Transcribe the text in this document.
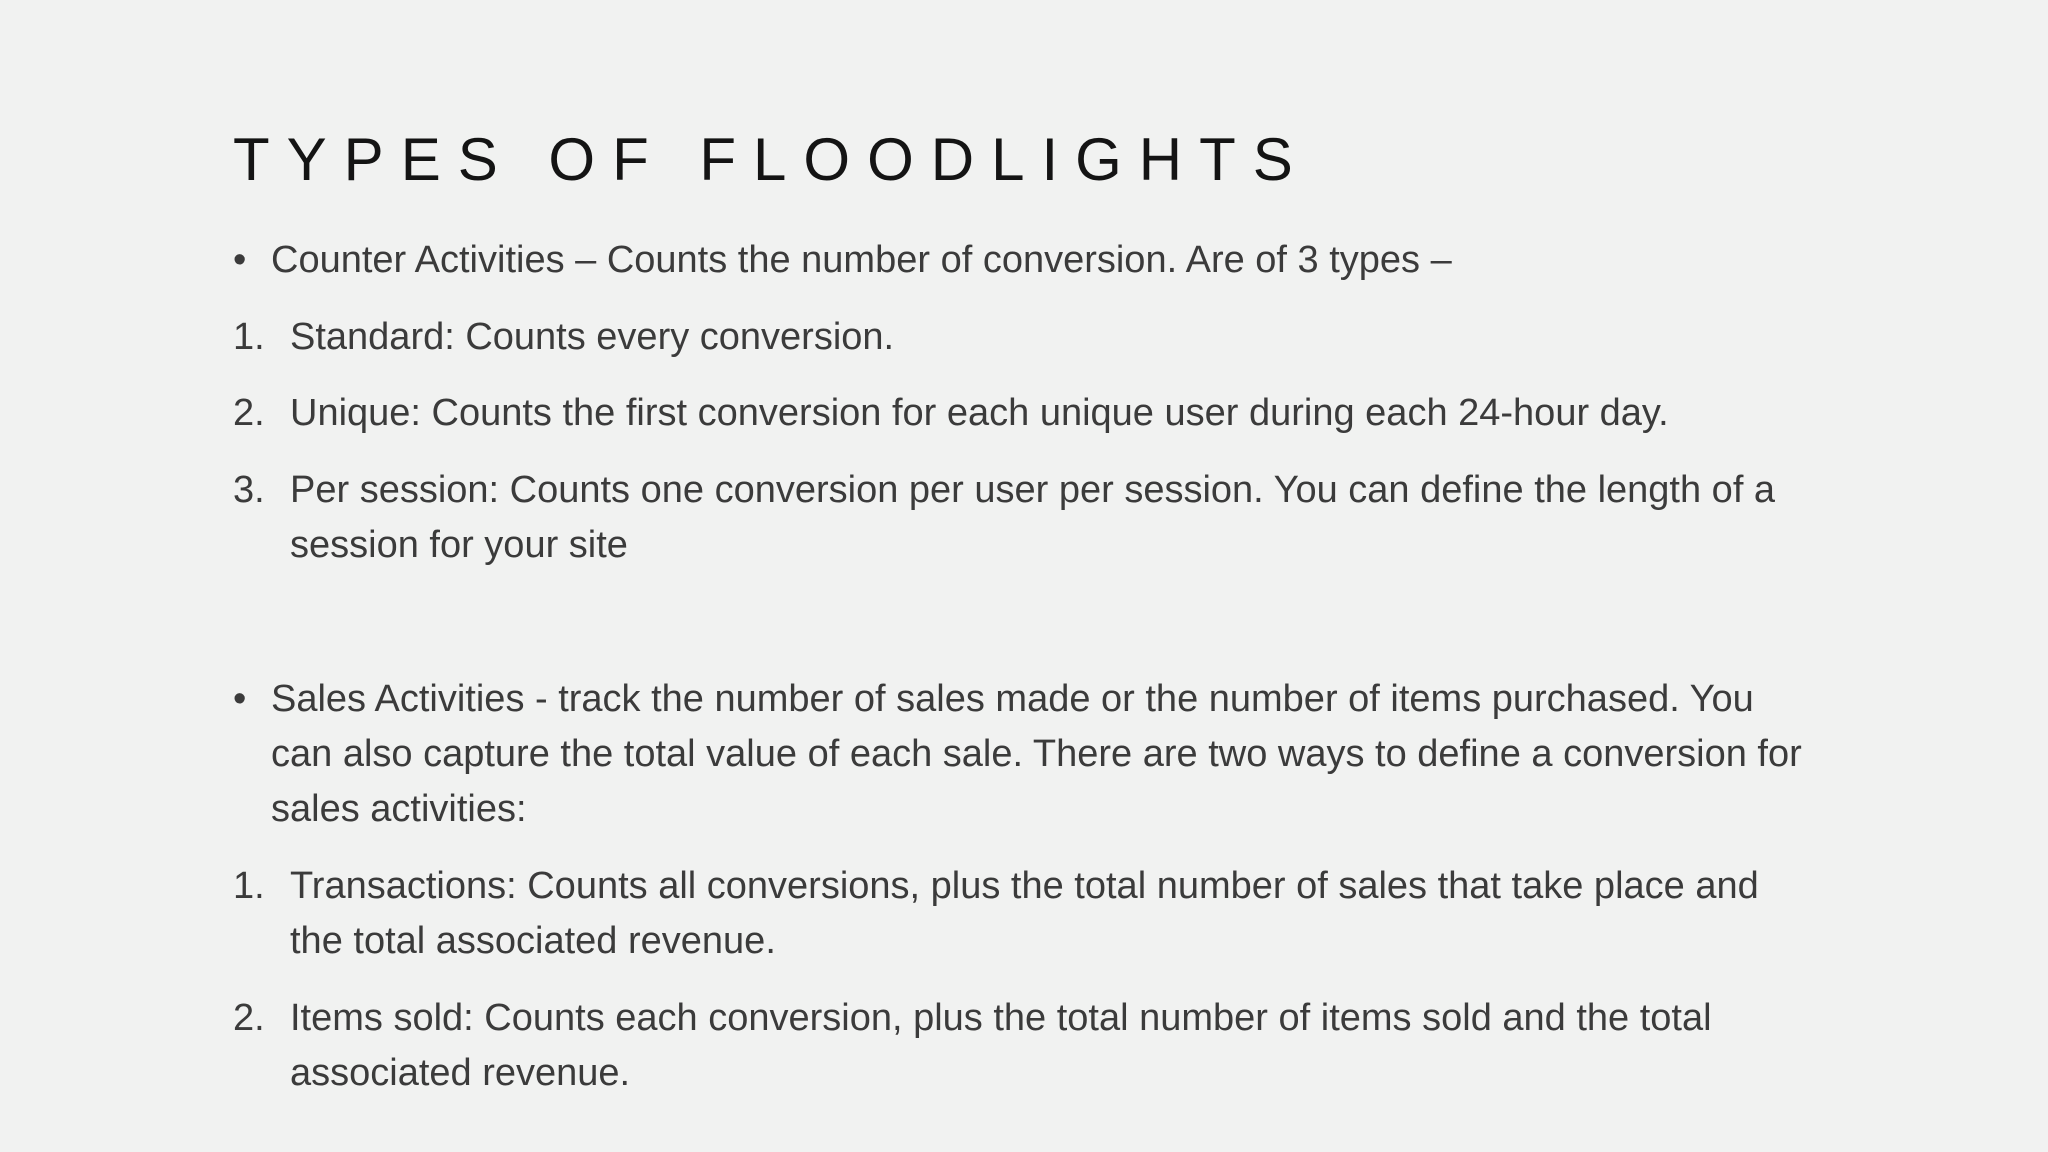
TYPES OF FLOODLIGHTS
• Counter Activities – Counts the number of conversion. Are of 3 types –
1. Standard: Counts every conversion.
2. Unique: Counts the first conversion for each unique user during each 24-hour day.
3. Per session: Counts one conversion per user per session. You can define the length of a session for your site
• Sales Activities - track the number of sales made or the number of items purchased. You can also capture the total value of each sale. There are two ways to define a conversion for sales activities:
1. Transactions: Counts all conversions, plus the total number of sales that take place and the total associated revenue.
2. Items sold: Counts each conversion, plus the total number of items sold and the total associated revenue.
